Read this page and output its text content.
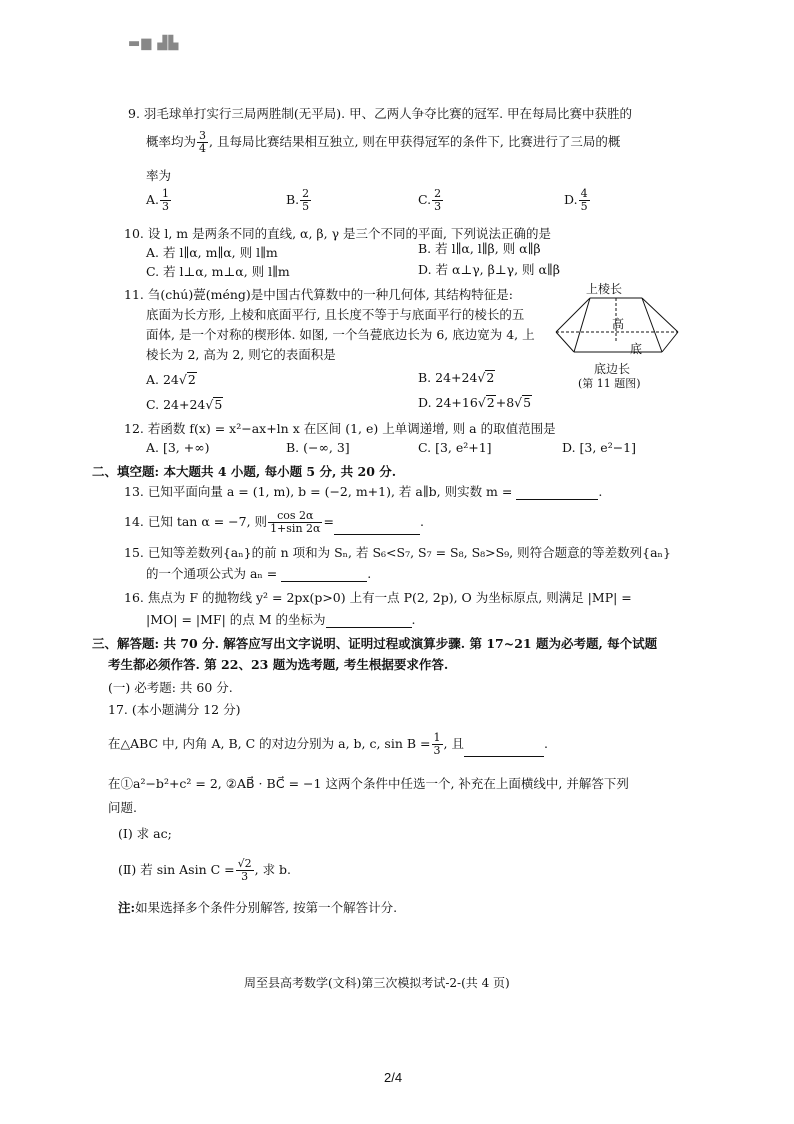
▬▆ ▟▙
9. 羽毛球单打实行三局两胜制(无平局). 甲、乙两人争夺比赛的冠军. 甲在每局比赛中获胜的
概率均为 $\frac{3}{4}$ , 且每局比赛结果相互独立, 则在甲获得冠军的条件下, 比赛进行了三局的概
率为
A. $\frac{1}{3}$	B. $\frac{2}{5}$	C. $\frac{2}{3}$	D. $\frac{4}{5}$
10. 设 l, m 是两条不同的直线, α, β, γ 是三个不同的平面, 下列说法正确的是
A. 若 l∥α, m∥α, 则 l∥m	B. 若 l∥α, l∥β, 则 α∥β
C. 若 l⊥α, m⊥α, 则 l∥m	D. 若 α⊥γ, β⊥γ, 则 α∥β
11. 刍(chú)甍(méng)是中国古代算数中的一种几何体, 其结构特征是:
底面为长方形, 上棱和底面平行, 且长度不等于与底面平行的棱长的五
面体, 是一个对称的楔形体. 如图, 一个刍甍底边长为 6, 底边宽为 4, 上
棱长为 2, 高为 2, 则它的表面积是
A. 24√2	B. 24+24√2
C. 24+24√5	D. 24+16√2+8√5
上棱长
高
底
底边长
(第 11 题图)
12. 若函数 f(x) = x²−ax+ln x 在区间 (1, e) 上单调递增, 则 a 的取值范围是
A. [3, +∞)	B. (−∞, 3]	C. [3, e²+1]	D. [3, e²−1]
二、填空题: 本大题共 4 小题, 每小题 5 分, 共 20 分.
13. 已知平面向量 a = (1, m), b = (−2, m+1), 若 a∥b, 则实数 m =	.
14. 已知 tan α = −7, 则 $\frac{\cos 2\alpha}{1+\sin 2\alpha}$ =	.
15. 已知等差数列{aₙ}的前 n 项和为 Sₙ, 若 S₆<S₇, S₇ = S₈, S₈>S₉, 则符合题意的等差数列{aₙ}
的一个通项公式为 aₙ =	.
16. 焦点为 F 的抛物线 y² = 2px(p>0) 上有一点 P(2, 2p), O 为坐标原点, 则满足 |MP| =
|MO| = |MF| 的点 M 的坐标为	.
三、解答题: 共 70 分. 解答应写出文字说明、证明过程或演算步骤. 第 17~21 题为必考题, 每个试题
考生都必须作答. 第 22、23 题为选考题, 考生根据要求作答.
(一) 必考题: 共 60 分.
17. (本小题满分 12 分)
在△ABC 中, 内角 A, B, C 的对边分别为 a, b, c, $\sin B = \frac{1}{3}$ , 且	.
在①a²−b²+c² = 2, ②AB⃗ · BC⃗ = −1 这两个条件中任选一个, 补充在上面横线中, 并解答下列
问题.
(Ⅰ) 求 ac;
(Ⅱ) 若 sin Asin $C = \frac{√2}{3}$ , 求 b.
注:如果选择多个条件分别解答, 按第一个解答计分.
周至县高考数学(文科)第三次模拟考试-2-(共 4 页)
2/4
